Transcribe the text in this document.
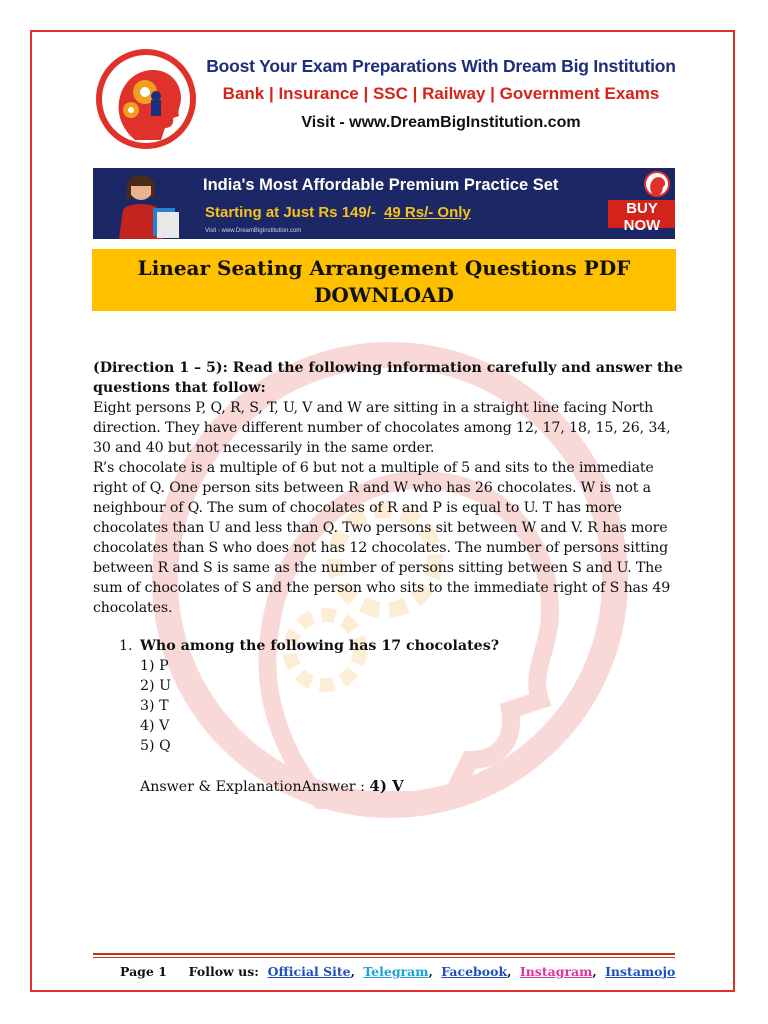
Boost Your Exam Preparations With Dream Big Institution
Bank | Insurance | SSC | Railway | Government Exams
Visit - www.DreamBigInstitution.com
India's Most Affordable Premium Practice Set
Starting at Just Rs 149/- 49 Rs/- Only
Visit - www.DreamBigInstitution.com
BUY NOW
Linear Seating Arrangement Questions PDF
DOWNLOAD

(Direction 1 – 5): Read the following information carefully and answer the questions that follow:

Eight persons P, Q, R, S, T, U, V and W are sitting in a straight line facing North direction. They have different number of chocolates among 12, 17, 18, 15, 26, 34, 30 and 40 but not necessarily in the same order.

R’s chocolate is a multiple of 6 but not a multiple of 5 and sits to the immediate right of Q. One person sits between R and W who has 26 chocolates. W is not a neighbour of Q. The sum of chocolates of R and P is equal to U. T has more chocolates than U and less than Q. Two persons sit between W and V. R has more chocolates than S who does not has 12 chocolates. The number of persons sitting between R and S is same as the number of persons sitting between S and U. The sum of chocolates of S and the person who sits to the immediate right of S has 49 chocolates.

1. Who among the following has 17 chocolates?
1) P
2) U
3) T
4) V
5) Q
Answer & ExplanationAnswer : 4) V
Page 1 Follow us: Official Site, Telegram, Facebook, Instagram, Instamojo
